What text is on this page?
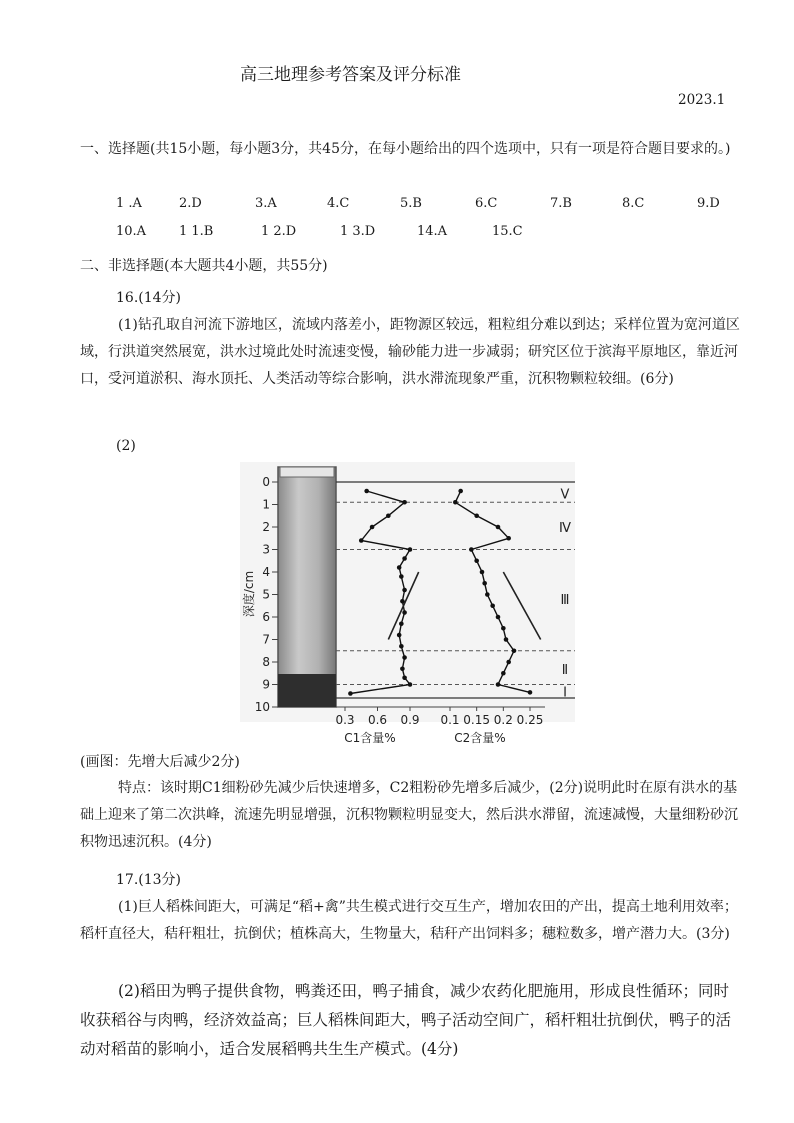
高三地理参考答案及评分标准
2023.1
一、选择题(共15小题，每小题3分，共45分，在每小题给出的四个选项中，只有一项是符合题目要求的。)
1 .A	2.D	3.A	4.C	5.B	6.C	7.B	8.C	9.D
10.A	1 1.B	1 2.D	1 3.D	14.A	15.C
二、非选择题(本大题共4小题，共55分)
16.(14分)
(1)钻孔取自河流下游地区，流域内落差小，距物源区较远，粗粒组分难以到达；采样位置为宽河道区域，行洪道突然展宽，洪水过境此处时流速变慢，输砂能力进一步减弱；研究区位于滨海平原地区，靠近河口，受河道淤积、海水顶托、人类活动等综合影响，洪水滞流现象严重，沉积物颗粒较细。(6分)
(2)
深度/cm
0
1
2
3
4
5
6
7
8
9
10
V
Ⅳ
Ⅲ
Ⅱ
I
0.3 0.6 0.9 0.1 0.15 0.2 0.25
C1含量%	C2含量%
(画图：先增大后减少2分)
特点：该时期C1细粉砂先减少后快速增多，C2粗粉砂先增多后减少，(2分)说明此时在原有洪水的基础上迎来了第二次洪峰，流速先明显增强，沉积物颗粒明显变大，然后洪水滞留，流速减慢，大量细粉砂沉积物迅速沉积。(4分)
17.(13分)
(1)巨人稻株间距大，可满足“稻+禽”共生模式进行交互生产，增加农田的产出，提高土地利用效率；稻杆直径大，秸秆粗壮，抗倒伏；植株高大，生物量大，秸秆产出饲料多；穗粒数多，增产潜力大。(3分)
(2)稻田为鸭子提供食物，鸭粪还田，鸭子捕食，减少农药化肥施用，形成良性循环；同时收获稻谷与肉鸭，经济效益高；巨人稻株间距大，鸭子活动空间广，稻杆粗壮抗倒伏，鸭子的活动对稻苗的影响小，适合发展稻鸭共生生产模式。(4分)
